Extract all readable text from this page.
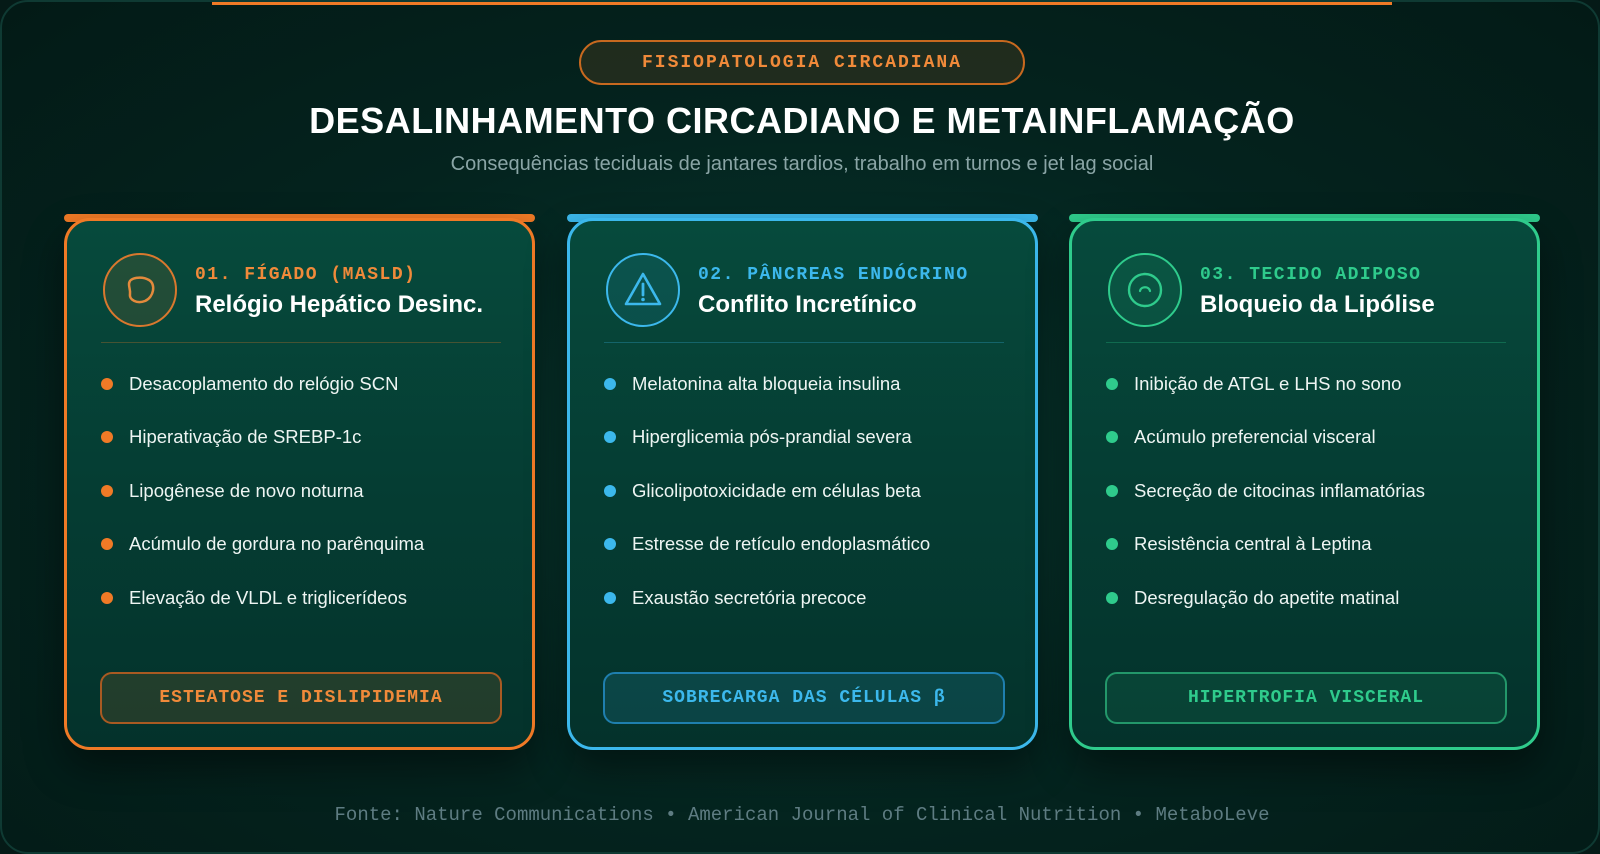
FISIOPATOLOGIA CIRCADIANA
DESALINHAMENTO CIRCADIANO E METAINFLAMAÇÃO
Consequências teciduais de jantares tardios, trabalho em turnos e jet lag social
01. FÍGADO (MASLD)
Relógio Hepático Desinc.
Desacoplamento do relógio SCN
Hiperativação de SREBP-1c
Lipogênese de novo noturna
Acúmulo de gordura no parênquima
Elevação de VLDL e triglicerídeos
ESTEATOSE E DISLIPIDEMIA
02. PÂNCREAS ENDÓCRINO
Conflito Incretínico
Melatonina alta bloqueia insulina
Hiperglicemia pós-prandial severa
Glicolipotoxicidade em células beta
Estresse de retículo endoplasmático
Exaustão secretória precoce
SOBRECARGA DAS CÉLULAS β
03. TECIDO ADIPOSO
Bloqueio da Lipólise
Inibição de ATGL e LHS no sono
Acúmulo preferencial visceral
Secreção de citocinas inflamatórias
Resistência central à Leptina
Desregulação do apetite matinal
HIPERTROFIA VISCERAL
Fonte: Nature Communications • American Journal of Clinical Nutrition • MetaboLeve
